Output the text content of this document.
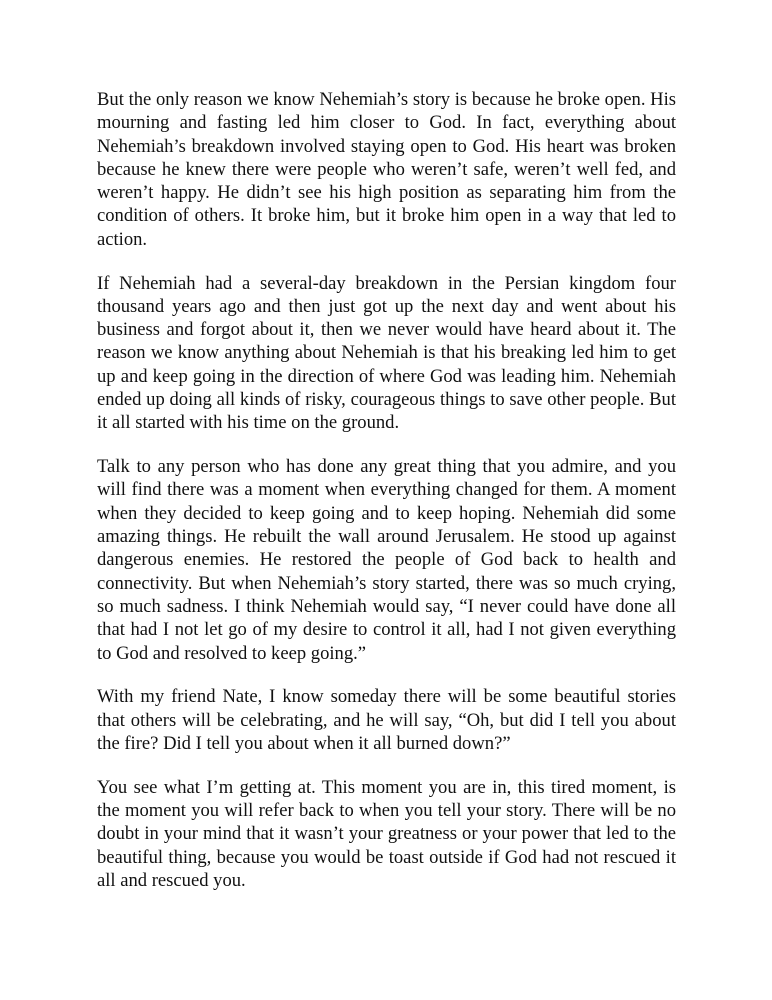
But the only reason we know Nehemiah’s story is because he broke open. His mourning and fasting led him closer to God. In fact, everything about Nehemiah’s breakdown involved staying open to God. His heart was broken because he knew there were people who weren’t safe, weren’t well fed, and weren’t happy. He didn’t see his high position as separating him from the condition of others. It broke him, but it broke him open in a way that led to action.

If Nehemiah had a several-day breakdown in the Persian kingdom four thousand years ago and then just got up the next day and went about his business and forgot about it, then we never would have heard about it. The reason we know anything about Nehemiah is that his breaking led him to get up and keep going in the direction of where God was leading him. Nehemiah ended up doing all kinds of risky, courageous things to save other people. But it all started with his time on the ground.

Talk to any person who has done any great thing that you admire, and you will find there was a moment when everything changed for them. A moment when they decided to keep going and to keep hoping. Nehemiah did some amazing things. He rebuilt the wall around Jerusalem. He stood up against dangerous enemies. He restored the people of God back to health and connectivity. But when Nehemiah’s story started, there was so much crying, so much sadness. I think Nehemiah would say, “I never could have done all that had I not let go of my desire to control it all, had I not given everything to God and resolved to keep going.”

With my friend Nate, I know someday there will be some beautiful stories that others will be celebrating, and he will say, “Oh, but did I tell you about the fire? Did I tell you about when it all burned down?”

You see what I’m getting at. This moment you are in, this tired moment, is the moment you will refer back to when you tell your story. There will be no doubt in your mind that it wasn’t your greatness or your power that led to the beautiful thing, because you would be toast outside if God had not rescued it all and rescued you.
